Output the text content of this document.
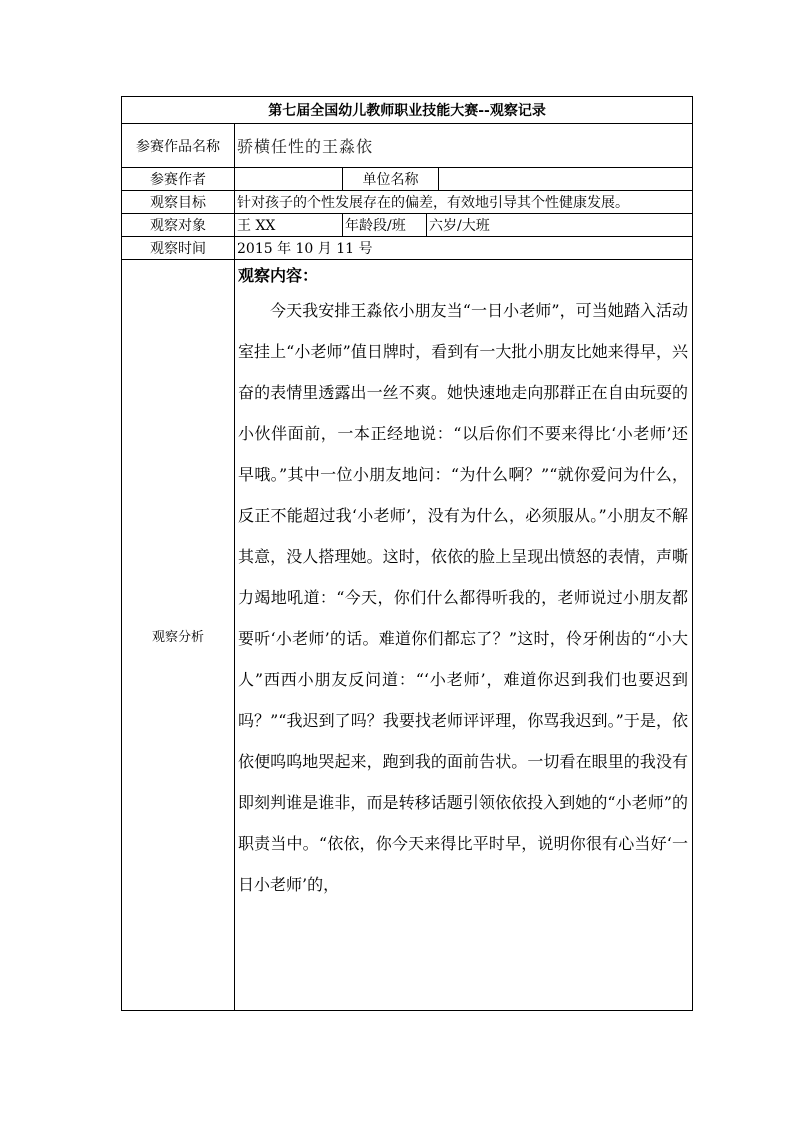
第七届全国幼儿教师职业技能大赛--观察记录				
参赛作品名称	骄横任性的王淼依			
参赛作者		单位名称		
观察目标	针对孩子的个性发展存在的偏差，有效地引导其个性健康发展。			
观察对象	王 XX	年龄段/班	六岁/大班	
观察时间	2015 年 10 月 11 号			
观察分析	观察内容：

今天我安排王淼依小朋友当“一日小老师”，可当她踏入活动室挂上“小老师”值日牌时，看到有一大批小朋友比她来得早，兴奋的表情里透露出一丝不爽。她快速地走向那群正在自由玩耍的小伙伴面前，一本正经地说：“以后你们不要来得比‘小老师’还早哦。”其中一位小朋友地问：“为什么啊？”“就你爱问为什么，反正不能超过我‘小老师’，没有为什么，必须服从。”小朋友不解其意，没人搭理她。这时，依依的脸上呈现出愤怒的表情，声嘶力竭地吼道：“今天，你们什么都得听我的，老师说过小朋友都要听‘小老师’的话。难道你们都忘了？”这时，伶牙俐齿的“小大人”西西小朋友反问道：“‘小老师’，难道你迟到我们也要迟到吗？”“我迟到了吗？我要找老师评评理，你骂我迟到。”于是，依依便呜呜地哭起来，跑到我的面前告状。一切看在眼里的我没有即刻判谁是谁非，而是转移话题引领依依投入到她的“小老师”的职责当中。“依依，你今天来得比平时早，说明你很有心当好‘一日小老师’的，			
